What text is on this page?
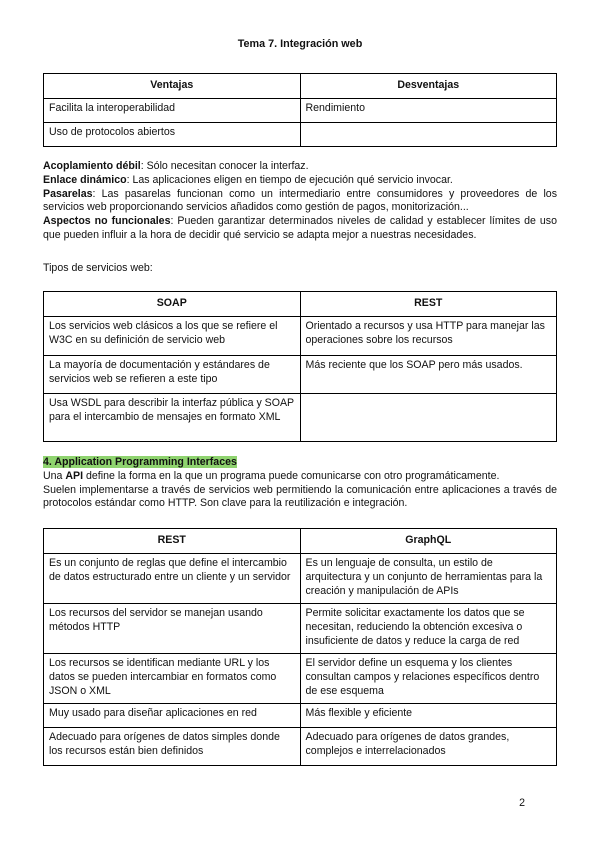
Tema 7. Integración web
Ventajas	Desventajas
Facilita la interoperabilidad	Rendimiento
Uso de protocolos abiertos	
Acoplamiento débil: Sólo necesitan conocer la interfaz.
Enlace dinámico: Las aplicaciones eligen en tiempo de ejecución qué servicio invocar.
Pasarelas: Las pasarelas funcionan como un intermediario entre consumidores y proveedores de los servicios web proporcionando servicios añadidos como gestión de pagos, monitorización...
Aspectos no funcionales: Pueden garantizar determinados niveles de calidad y establecer límites de uso que pueden influir a la hora de decidir qué servicio se adapta mejor a nuestras necesidades.
Tipos de servicios web:
SOAP	REST
Los servicios web clásicos a los que se refiere el W3C en su definición de servicio web	Orientado a recursos y usa HTTP para manejar las operaciones sobre los recursos
La mayoría de documentación y estándares de servicios web se refieren a este tipo	Más reciente que los SOAP pero más usados.
Usa WSDL para describir la interfaz pública y SOAP para el intercambio de mensajes en formato XML	
4. Application Programming Interfaces
Una API define la forma en la que un programa puede comunicarse con otro programáticamente.
Suelen implementarse a través de servicios web permitiendo la comunicación entre aplicaciones a través de protocolos estándar como HTTP. Son clave para la reutilización e integración.
REST	GraphQL
Es un conjunto de reglas que define el intercambio de datos estructurado entre un cliente y un servidor	Es un lenguaje de consulta, un estilo de arquitectura y un conjunto de herramientas para la creación y manipulación de APIs
Los recursos del servidor se manejan usando métodos HTTP	Permite solicitar exactamente los datos que se necesitan, reduciendo la obtención excesiva o insuficiente de datos y reduce la carga de red
Los recursos se identifican mediante URL y los datos se pueden intercambiar en formatos como JSON o XML	El servidor define un esquema y los clientes consultan campos y relaciones específicos dentro de ese esquema
Muy usado para diseñar aplicaciones en red	Más flexible y eficiente
Adecuado para orígenes de datos simples donde los recursos están bien definidos	Adecuado para orígenes de datos grandes, complejos e interrelacionados
2
